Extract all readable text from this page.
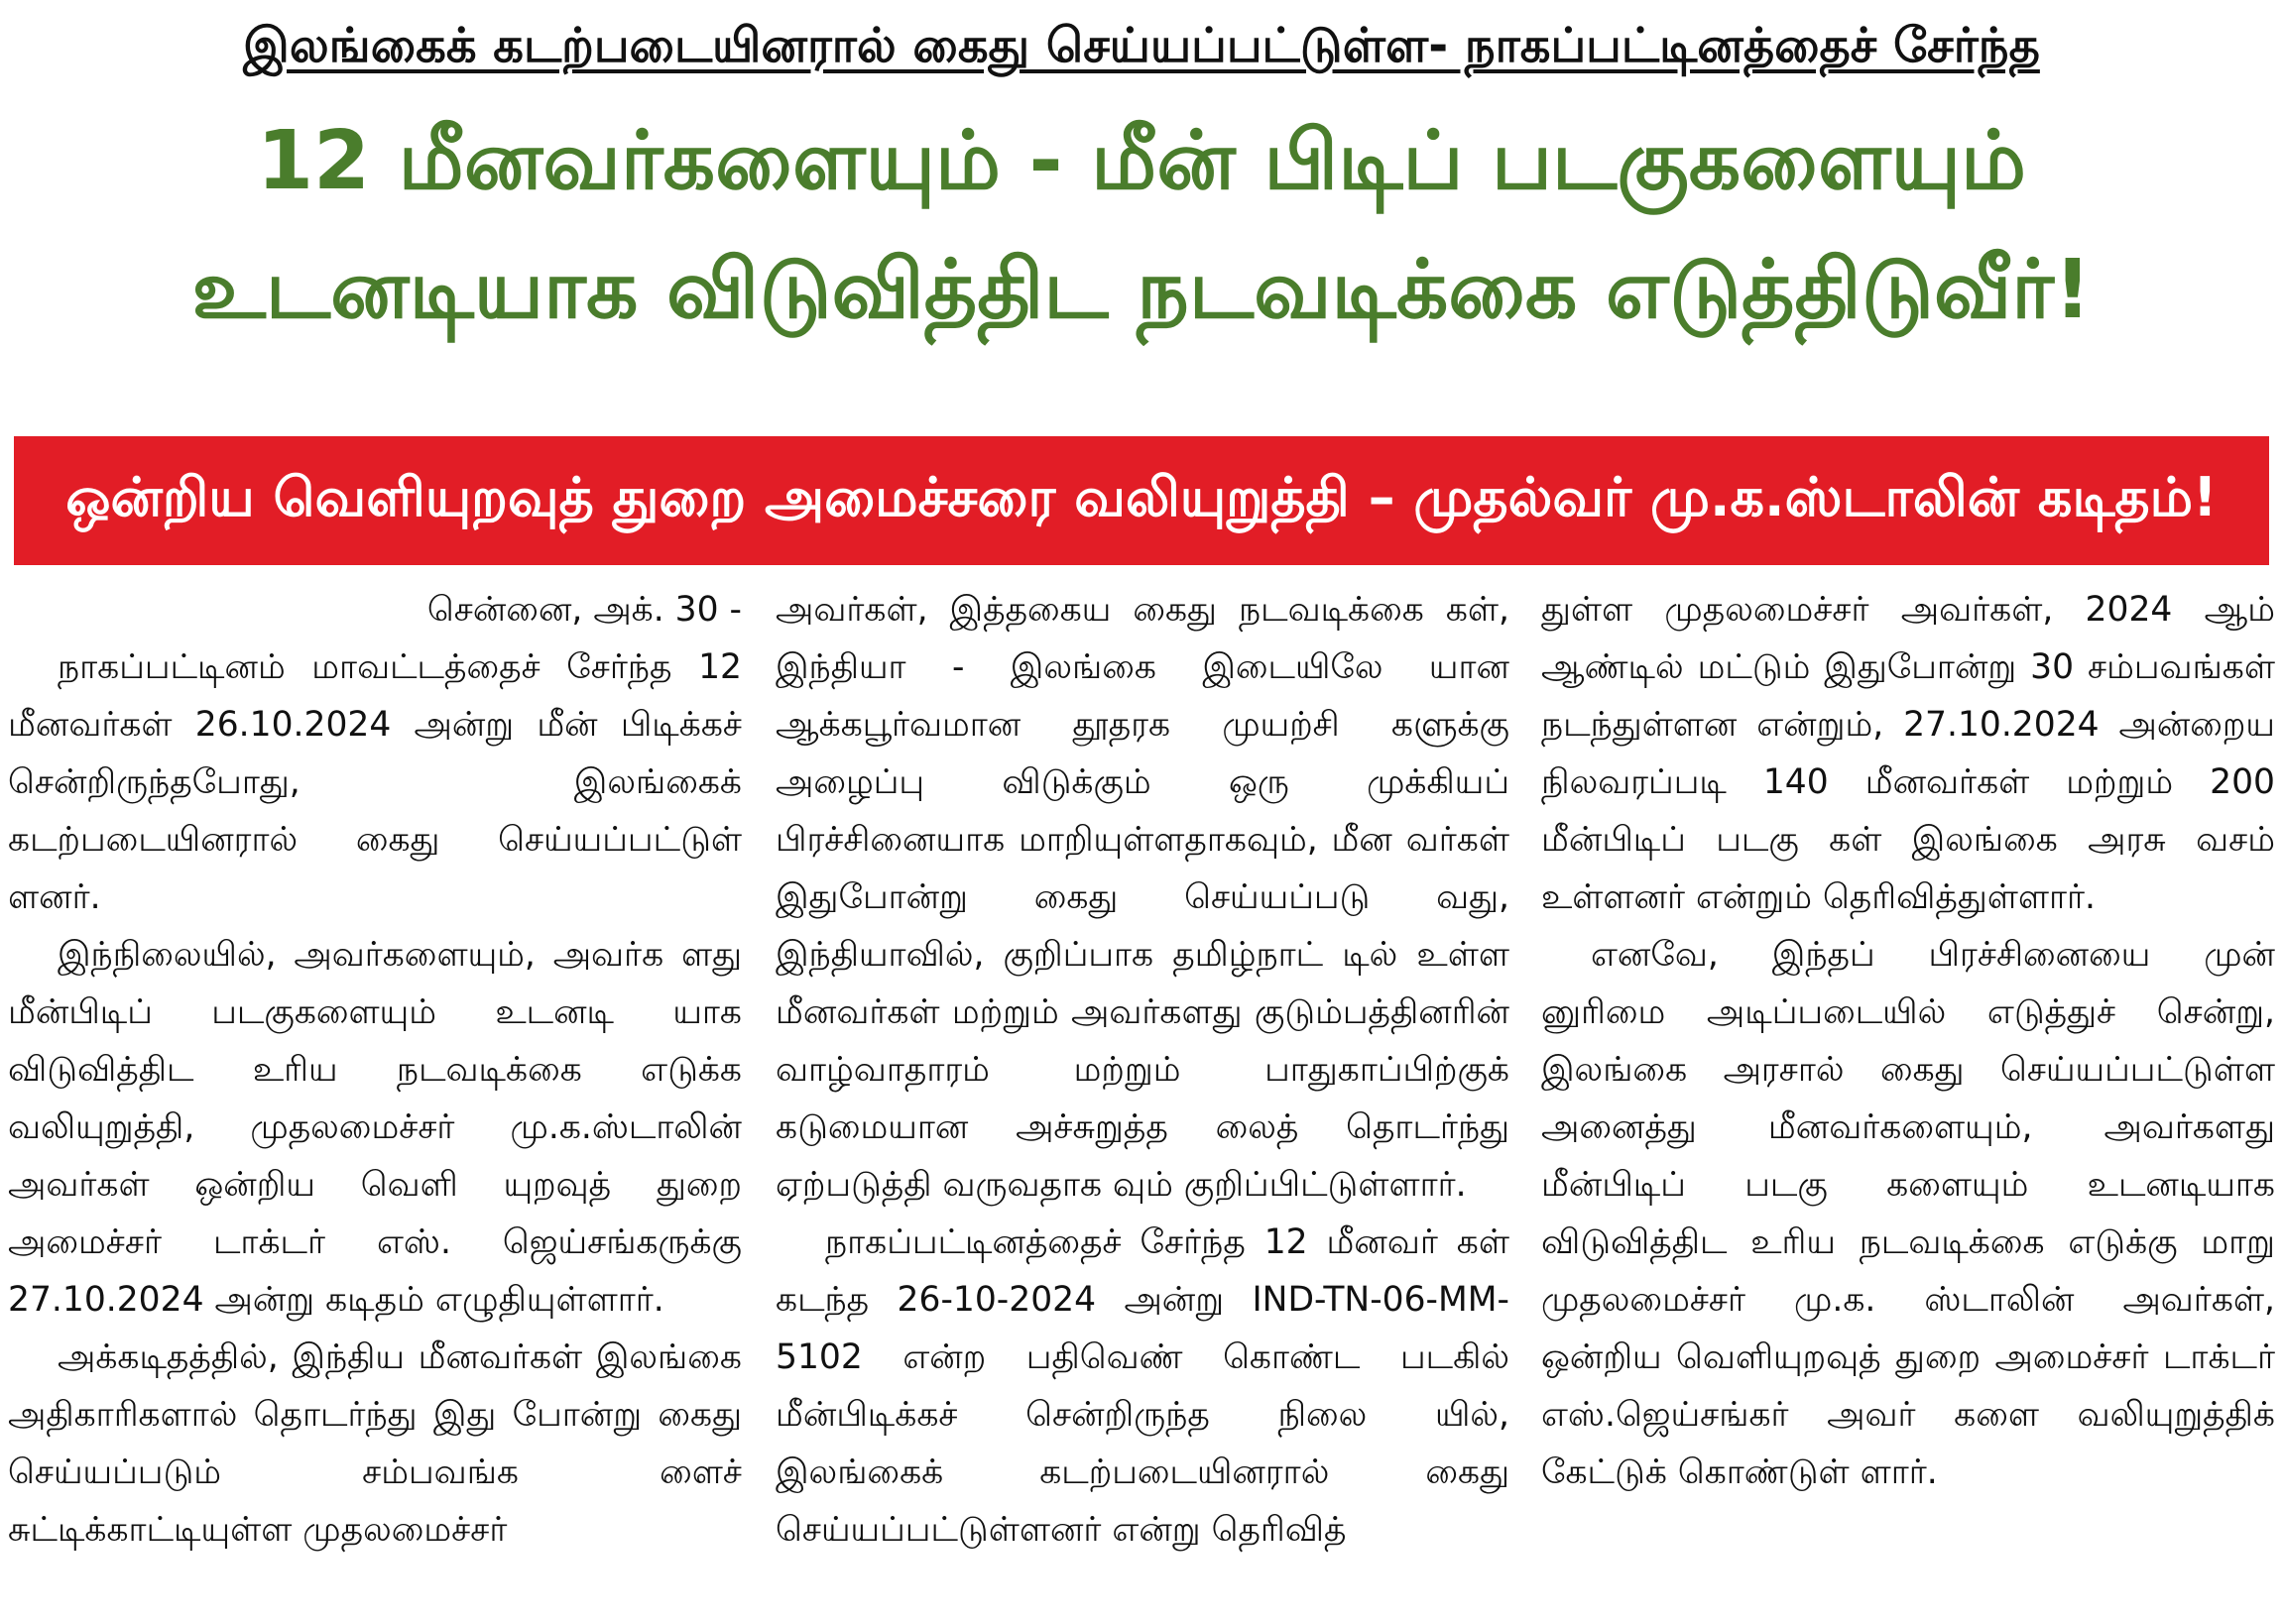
இலங்கைக் கடற்படையினரால் கைது செய்யப்பட்டுள்ள- நாகப்பட்டினத்தைச் சேர்ந்த
12 மீனவர்களையும் - மீன் பிடிப் படகுகளையும்
உடனடியாக விடுவித்திட நடவடிக்கை எடுத்திடுவீர்!
ஒன்றிய வெளியுறவுத் துறை அமைச்சரை வலியுறுத்தி – முதல்வர் மு.க.ஸ்டாலின் கடிதம்!

சென்னை, அக். 30 -

நாகப்பட்டினம் மாவட்டத்தைச் சேர்ந்த 12 மீனவர்கள் 26.10.2024 அன்று மீன் பிடிக்கச் சென்றிருந்தபோது, இலங்கைக் கடற்படையினரால் கைது செய்யப்பட்டுள் ளனர்.

இந்நிலையில், அவர்களையும், அவர்க ளது மீன்பிடிப் படகுகளையும் உடனடி யாக விடுவித்திட உரிய நடவடிக்கை எடுக்க வலியுறுத்தி, முதலமைச்சர் மு.க.ஸ்டாலின் அவர்கள் ஒன்றிய வெளி யுறவுத் துறை அமைச்சர் டாக்டர் எஸ். ஜெய்சங்கருக்கு 27.10.2024 அன்று கடிதம் எழுதியுள்ளார்.

அக்கடிதத்தில், இந்திய மீனவர்கள் இலங்கை அதிகாரிகளால் தொடர்ந்து இது போன்று கைது செய்யப்படும் சம்பவங்க ளைச் சுட்டிக்காட்டியுள்ள முதலமைச்சர்

அவர்கள், இத்தகைய கைது நடவடிக்கை கள், இந்தியா - இலங்கை இடையிலே யான ஆக்கபூர்வமான தூதரக முயற்சி களுக்கு அழைப்பு விடுக்கும் ஒரு முக்கியப் பிரச்சினையாக மாறியுள்ளதாகவும், மீன வர்கள் இதுபோன்று கைது செய்யப்படு வது, இந்தியாவில், குறிப்பாக தமிழ்நாட் டில் உள்ள மீனவர்கள் மற்றும் அவர்களது குடும்பத்தினரின் வாழ்வாதாரம் மற்றும் பாதுகாப்பிற்குக் கடுமையான அச்சுறுத்த லைத் தொடர்ந்து ஏற்படுத்தி வருவதாக வும் குறிப்பிட்டுள்ளார்.

நாகப்பட்டினத்தைச் சேர்ந்த 12 மீனவர் கள் கடந்த 26-10-2024 அன்று IND-TN-06-MM-5102 என்ற பதிவெண் கொண்ட படகில் மீன்பிடிக்கச் சென்றிருந்த நிலை யில், இலங்கைக் கடற்படையினரால் கைது செய்யப்பட்டுள்ளனர் என்று தெரிவித்

துள்ள முதலமைச்சர் அவர்கள், 2024 ஆம் ஆண்டில் மட்டும் இதுபோன்று 30 சம்பவங்கள் நடந்துள்ளன என்றும், 27.10.2024 அன்றைய நிலவரப்படி 140 மீனவர்கள் மற்றும் 200 மீன்பிடிப் படகு கள் இலங்கை அரசு வசம் உள்ளனர் என்றும் தெரிவித்துள்ளார்.

எனவே, இந்தப் பிரச்சினையை முன் னுரிமை அடிப்படையில் எடுத்துச் சென்று, இலங்கை அரசால் கைது செய்யப்பட்டுள்ள அனைத்து மீனவர்களையும், அவர்களது மீன்பிடிப் படகு களையும் உடனடியாக விடுவித்திட உரிய நடவடிக்கை எடுக்கு மாறு முதலமைச்சர் மு.க. ஸ்டாலின் அவர்கள், ஒன்றிய வெளியுறவுத் துறை அமைச்சர் டாக்டர் எஸ்.ஜெய்சங்கர் அவர் களை வலியுறுத்திக் கேட்டுக் கொண்டுள் ளார்.
